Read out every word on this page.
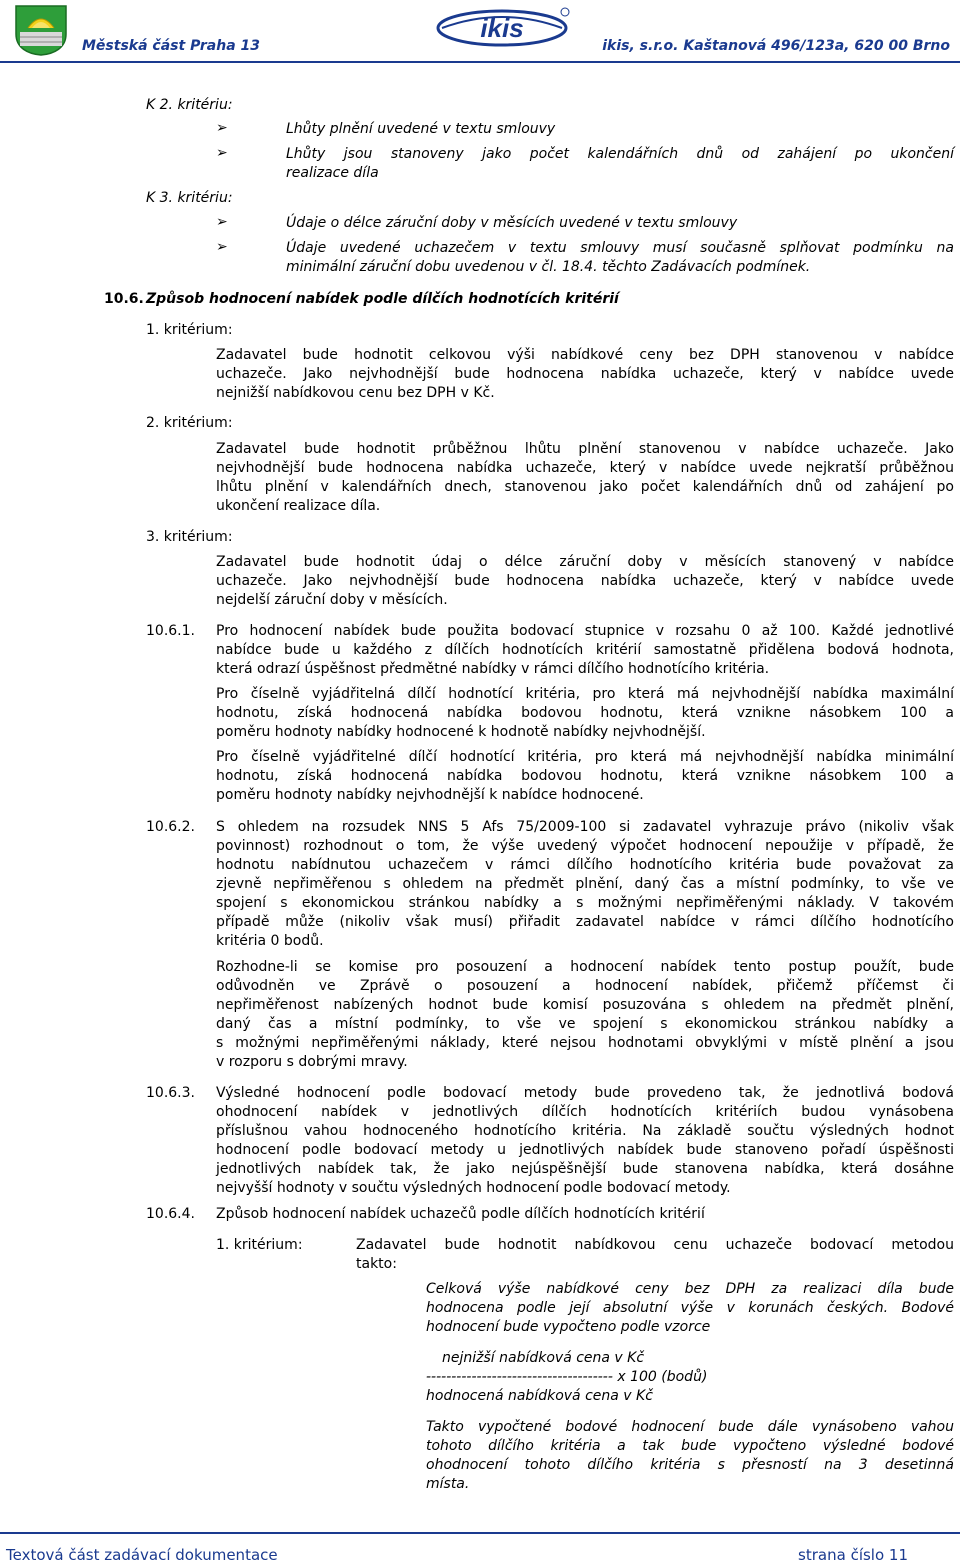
Městská část Praha 13
ikis
ikis, s.r.o. Kaštanová 496/123a, 620 00 Brno
K 2. kritériu:
➢	Lhůty plnění uvedené v textu smlouvy
➢	Lhůty jsou stanoveny jako počet kalendářních dnů od zahájení po ukončení
realizace díla
K 3. kritériu:
➢	Údaje o délce záruční doby v měsících uvedené v textu smlouvy
➢	Údaje uvedené uchazečem v textu smlouvy musí současně splňovat podmínku na
minimální záruční dobu uvedenou v čl. 18.4. těchto Zadávacích podmínek.
10.6. Způsob hodnocení nabídek podle dílčích hodnotících kritérií
1. kritérium:
Zadavatel bude hodnotit celkovou výši nabídkové ceny bez DPH stanovenou v nabídce
uchazeče. Jako nejvhodnější bude hodnocena nabídka uchazeče, který v nabídce uvede
nejnižší nabídkovou cenu bez DPH v Kč.
2. kritérium:
Zadavatel bude hodnotit průběžnou lhůtu plnění stanovenou v nabídce uchazeče. Jako
nejvhodnější bude hodnocena nabídka uchazeče, který v nabídce uvede nejkratší průběžnou
lhůtu plnění v kalendářních dnech, stanovenou jako počet kalendářních dnů od zahájení po
ukončení realizace díla.
3. kritérium:
Zadavatel bude hodnotit údaj o délce záruční doby v měsících stanovený v nabídce
uchazeče. Jako nejvhodnější bude hodnocena nabídka uchazeče, který v nabídce uvede
nejdelší záruční doby v měsících.
10.6.1. Pro hodnocení nabídek bude použita bodovací stupnice v rozsahu 0 až 100. Každé jednotlivé
nabídce bude u každého z dílčích hodnotících kritérií samostatně přidělena bodová hodnota,
která odrazí úspěšnost předmětné nabídky v rámci dílčího hodnotícího kritéria.
Pro číselně vyjádřitelná dílčí hodnotící kritéria, pro která má nejvhodnější nabídka maximální
hodnotu, získá hodnocená nabídka bodovou hodnotu, která vznikne násobkem 100 a
poměru hodnoty nabídky hodnocené k hodnotě nabídky nejvhodnější.
Pro číselně vyjádřitelné dílčí hodnotící kritéria, pro která má nejvhodnější nabídka minimální
hodnotu, získá hodnocená nabídka bodovou hodnotu, která vznikne násobkem 100 a
poměru hodnoty nabídky nejvhodnější k nabídce hodnocené.
10.6.2. S ohledem na rozsudek NNS 5 Afs 75/2009-100 si zadavatel vyhrazuje právo (nikoliv však
povinnost) rozhodnout o tom, že výše uvedený výpočet hodnocení nepoužije v případě, že
hodnotu nabídnutou uchazečem v rámci dílčího hodnotícího kritéria bude považovat za
zjevně nepřiměřenou s ohledem na předmět plnění, daný čas a místní podmínky, to vše ve
spojení s ekonomickou stránkou nabídky a s možnými nepřiměřenými náklady. V takovém
případě může (nikoliv však musí) přiřadit zadavatel nabídce v rámci dílčího hodnotícího
kritéria 0 bodů.
Rozhodne-li se komise pro posouzení a hodnocení nabídek tento postup použít, bude
odůvodněn ve Zprávě o posouzení a hodnocení nabídek, přičemž příčemst či
nepřiměřenost nabízených hodnot bude komisí posuzována s ohledem na předmět plnění,
daný čas a místní podmínky, to vše ve spojení s ekonomickou stránkou nabídky a
s možnými nepřiměřenými náklady, které nejsou hodnotami obvyklými v místě plnění a jsou
v rozporu s dobrými mravy.
10.6.3. Výsledné hodnocení podle bodovací metody bude provedeno tak, že jednotlivá bodová
ohodnocení nabídek v jednotlivých dílčích hodnotících kritériích budou vynásobena
příslušnou vahou hodnoceného hodnotícího kritéria. Na základě součtu výsledných hodnot
hodnocení podle bodovací metody u jednotlivých nabídek bude stanoveno pořadí úspěšnosti
jednotlivých nabídek tak, že jako nejúspěšnější bude stanovena nabídka, která dosáhne
nejvyšší hodnoty v součtu výsledných hodnocení podle bodovací metody.
10.6.4. Způsob hodnocení nabídek uchazečů podle dílčích hodnotících kritérií
1. kritérium:	Zadavatel bude hodnotit nabídkovou cenu uchazeče bodovací metodou
takto:
Celková výše nabídkové ceny bez DPH za realizaci díla bude
hodnocena podle její absolutní výše v korunách českých. Bodové
hodnocení bude vypočteno podle vzorce
nejnižší nabídková cena v Kč
------------------------------------- x 100 (bodů)
hodnocená nabídková cena v Kč
Takto vypočtené bodové hodnocení bude dále vynásobeno vahou
tohoto dílčího kritéria a tak bude vypočteno výsledné bodové
ohodnocení tohoto dílčího kritéria s přesností na 3 desetinná
místa.
Textová část zadávací dokumentace	strana číslo 11
